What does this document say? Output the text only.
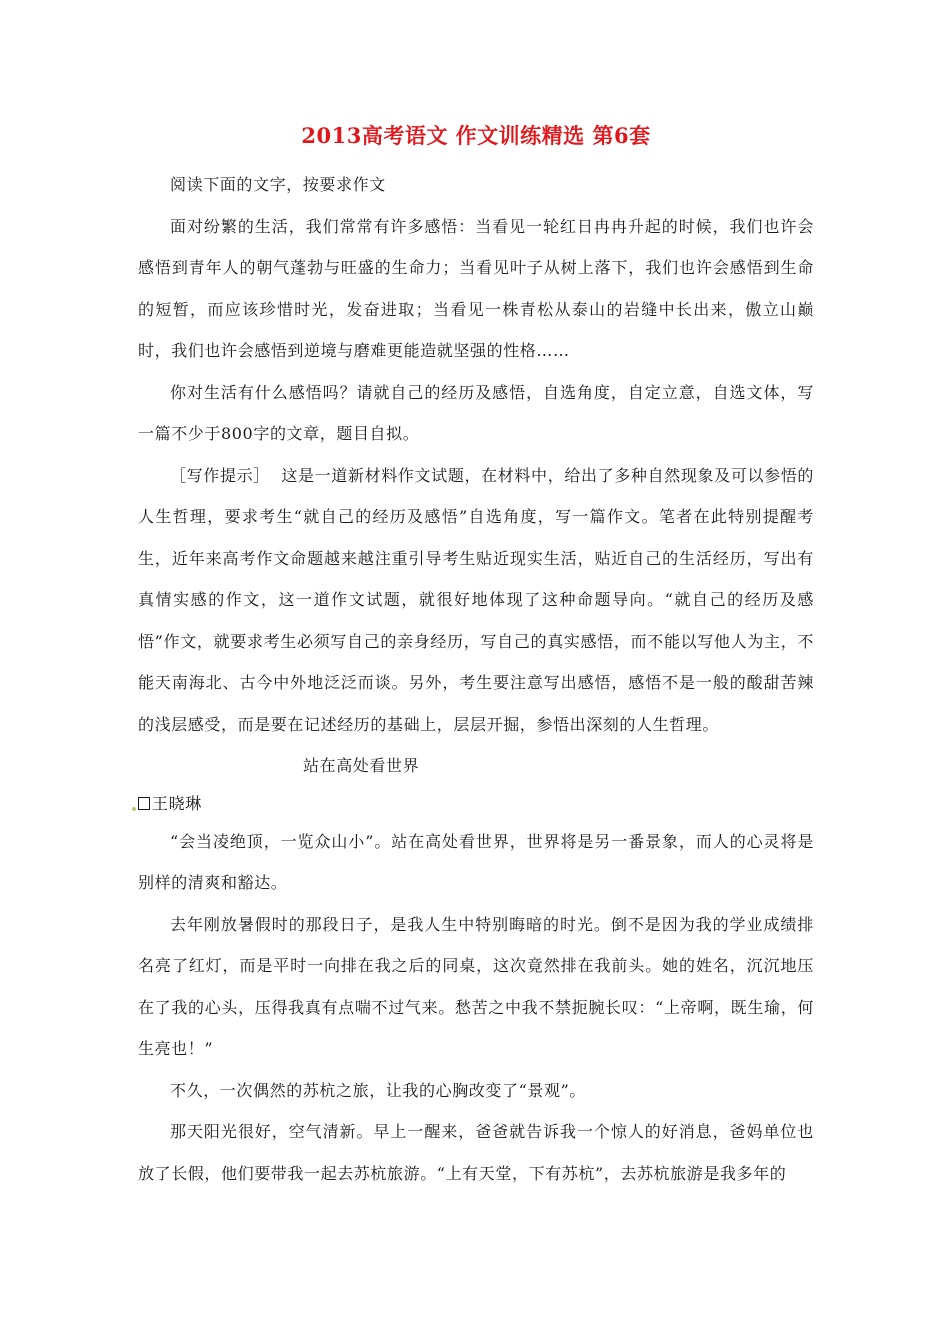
2013高考语文 作文训练精选 第6套

阅读下面的文字，按要求作文

面对纷繁的生活，我们常常有许多感悟：当看见一轮红日冉冉升起的时候，我们也许会感悟到青年人的朝气蓬勃与旺盛的生命力；当看见叶子从树上落下，我们也许会感悟到生命的短暂，而应该珍惜时光，发奋进取；当看见一株青松从泰山的岩缝中长出来，傲立山巅时，我们也许会感悟到逆境与磨难更能造就坚强的性格……

你对生活有什么感悟吗？请就自己的经历及感悟，自选角度，自定立意，自选文体，写一篇不少于800字的文章，题目自拟。

［写作提示］ 这是一道新材料作文试题，在材料中，给出了多种自然现象及可以参悟的人生哲理，要求考生“就自己的经历及感悟”自选角度，写一篇作文。笔者在此特别提醒考生，近年来高考作文命题越来越注重引导考生贴近现实生活，贴近自己的生活经历，写出有真情实感的作文，这一道作文试题，就很好地体现了这种命题导向。“就自己的经历及感悟”作文，就要求考生必须写自己的亲身经历，写自己的真实感悟，而不能以写他人为主，不能天南海北、古今中外地泛泛而谈。另外，考生要注意写出感悟，感悟不是一般的酸甜苦辣的浅层感受，而是要在记述经历的基础上，层层开掘，参悟出深刻的人生哲理。

站在高处看世界

王晓琳

“会当凌绝顶，一览众山小”。站在高处看世界，世界将是另一番景象，而人的心灵将是别样的清爽和豁达。

去年刚放暑假时的那段日子，是我人生中特别晦暗的时光。倒不是因为我的学业成绩排名亮了红灯，而是平时一向排在我之后的同桌，这次竟然排在我前头。她的姓名，沉沉地压在了我的心头，压得我真有点喘不过气来。愁苦之中我不禁扼腕长叹：“上帝啊，既生瑜，何生亮也！”

不久，一次偶然的苏杭之旅，让我的心胸改变了“景观”。

那天阳光很好，空气清新。早上一醒来，爸爸就告诉我一个惊人的好消息，爸妈单位也放了长假，他们要带我一起去苏杭旅游。“上有天堂，下有苏杭”，去苏杭旅游是我多年的
